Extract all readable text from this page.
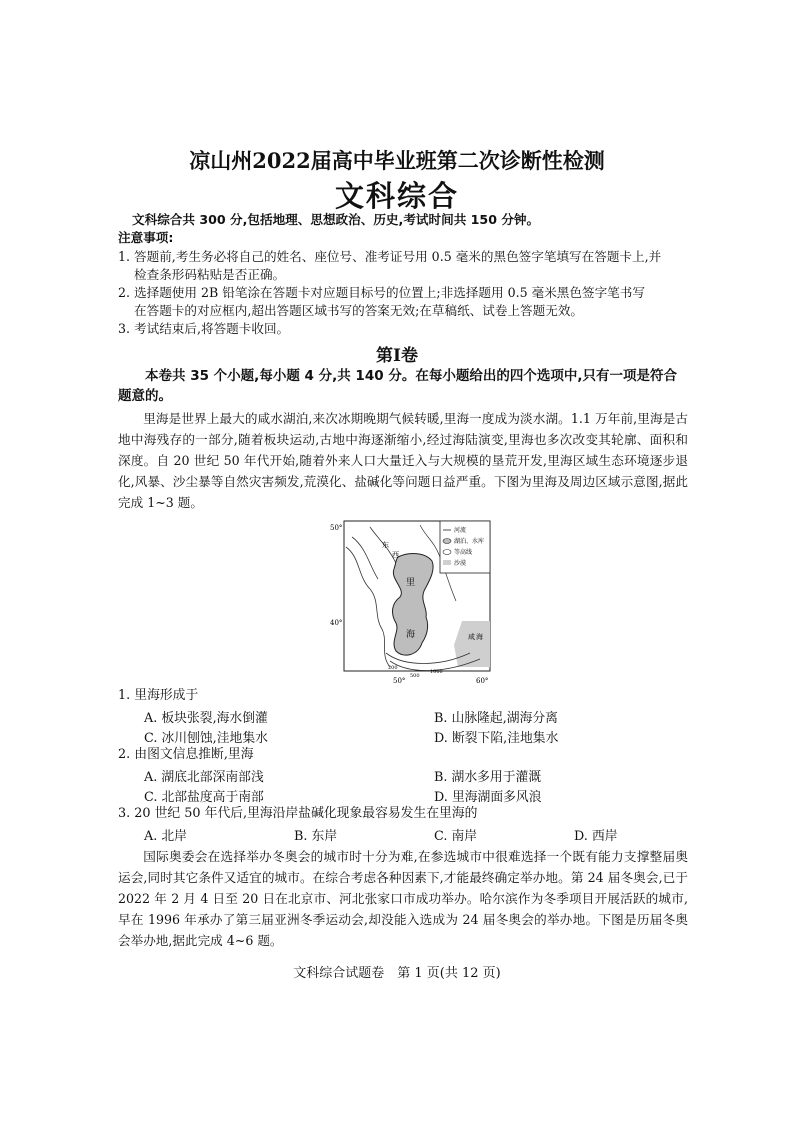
凉山州2022届高中毕业班第二次诊断性检测
文科综合
文科综合共 300 分,包括地理、思想政治、历史,考试时间共 150 分钟。
注意事项:
1. 答题前,考生务必将自己的姓名、座位号、准考证号用 0.5 毫米的黑色签字笔填写在答题卡上,并
检查条形码粘贴是否正确。
2. 选择题使用 2B 铅笔涂在答题卡对应题目标号的位置上;非选择题用 0.5 毫米黑色签字笔书写
在答题卡的对应框内,超出答题区域书写的答案无效;在草稿纸、试卷上答题无效。
3. 考试结束后,将答题卡收回。
第Ⅰ卷
本卷共 35 个小题,每小题 4 分,共 140 分。在每小题给出的四个选项中,只有一项是符合题意的。
里海是世界上最大的咸水湖泊,来次冰期晚期气候转暖,里海一度成为淡水湖。1.1 万年前,里海是古地中海残存的一部分,随着板块运动,古地中海逐渐缩小,经过海陆演变,里海也多次改变其轮廓、面积和深度。自 20 世纪 50 年代开始,随着外来人口大量迁入与大规模的垦荒开发,里海区域生态环境逐步退化,风暴、沙尘暴等自然灾害频发,荒漠化、盐碱化等问题日益严重。下图为里海及周边区域示意图,据此完成 1~3 题。
里
海
东
西
咸 海
200
500
1000
河流
湖泊、水库
等高线
沙漠
50°
40°
50°	60°
1. 里海形成于
A. 板块张裂,海水倒灌	B. 山脉隆起,湖海分离
C. 冰川刨蚀,洼地集水	D. 断裂下陷,洼地集水
2. 由图文信息推断,里海
A. 湖底北部深南部浅	B. 湖水多用于灌溉
C. 北部盐度高于南部	D. 里海湖面多风浪
3. 20 世纪 50 年代后,里海沿岸盐碱化现象最容易发生在里海的
A. 北岸	B. 东岸	C. 南岸	D. 西岸
国际奥委会在选择举办冬奥会的城市时十分为难,在参选城市中很难选择一个既有能力支撑整届奥运会,同时其它条件又适宜的城市。在综合考虑各种因素下,才能最终确定举办地。第 24 届冬奥会,已于 2022 年 2 月 4 日至 20 日在北京市、河北张家口市成功举办。哈尔滨作为冬季项目开展活跃的城市,早在 1996 年承办了第三届亚洲冬季运动会,却没能入选成为 24 届冬奥会的举办地。下图是历届冬奥会举办地,据此完成 4~6 题。
文科综合试题卷　第 1 页(共 12 页)
